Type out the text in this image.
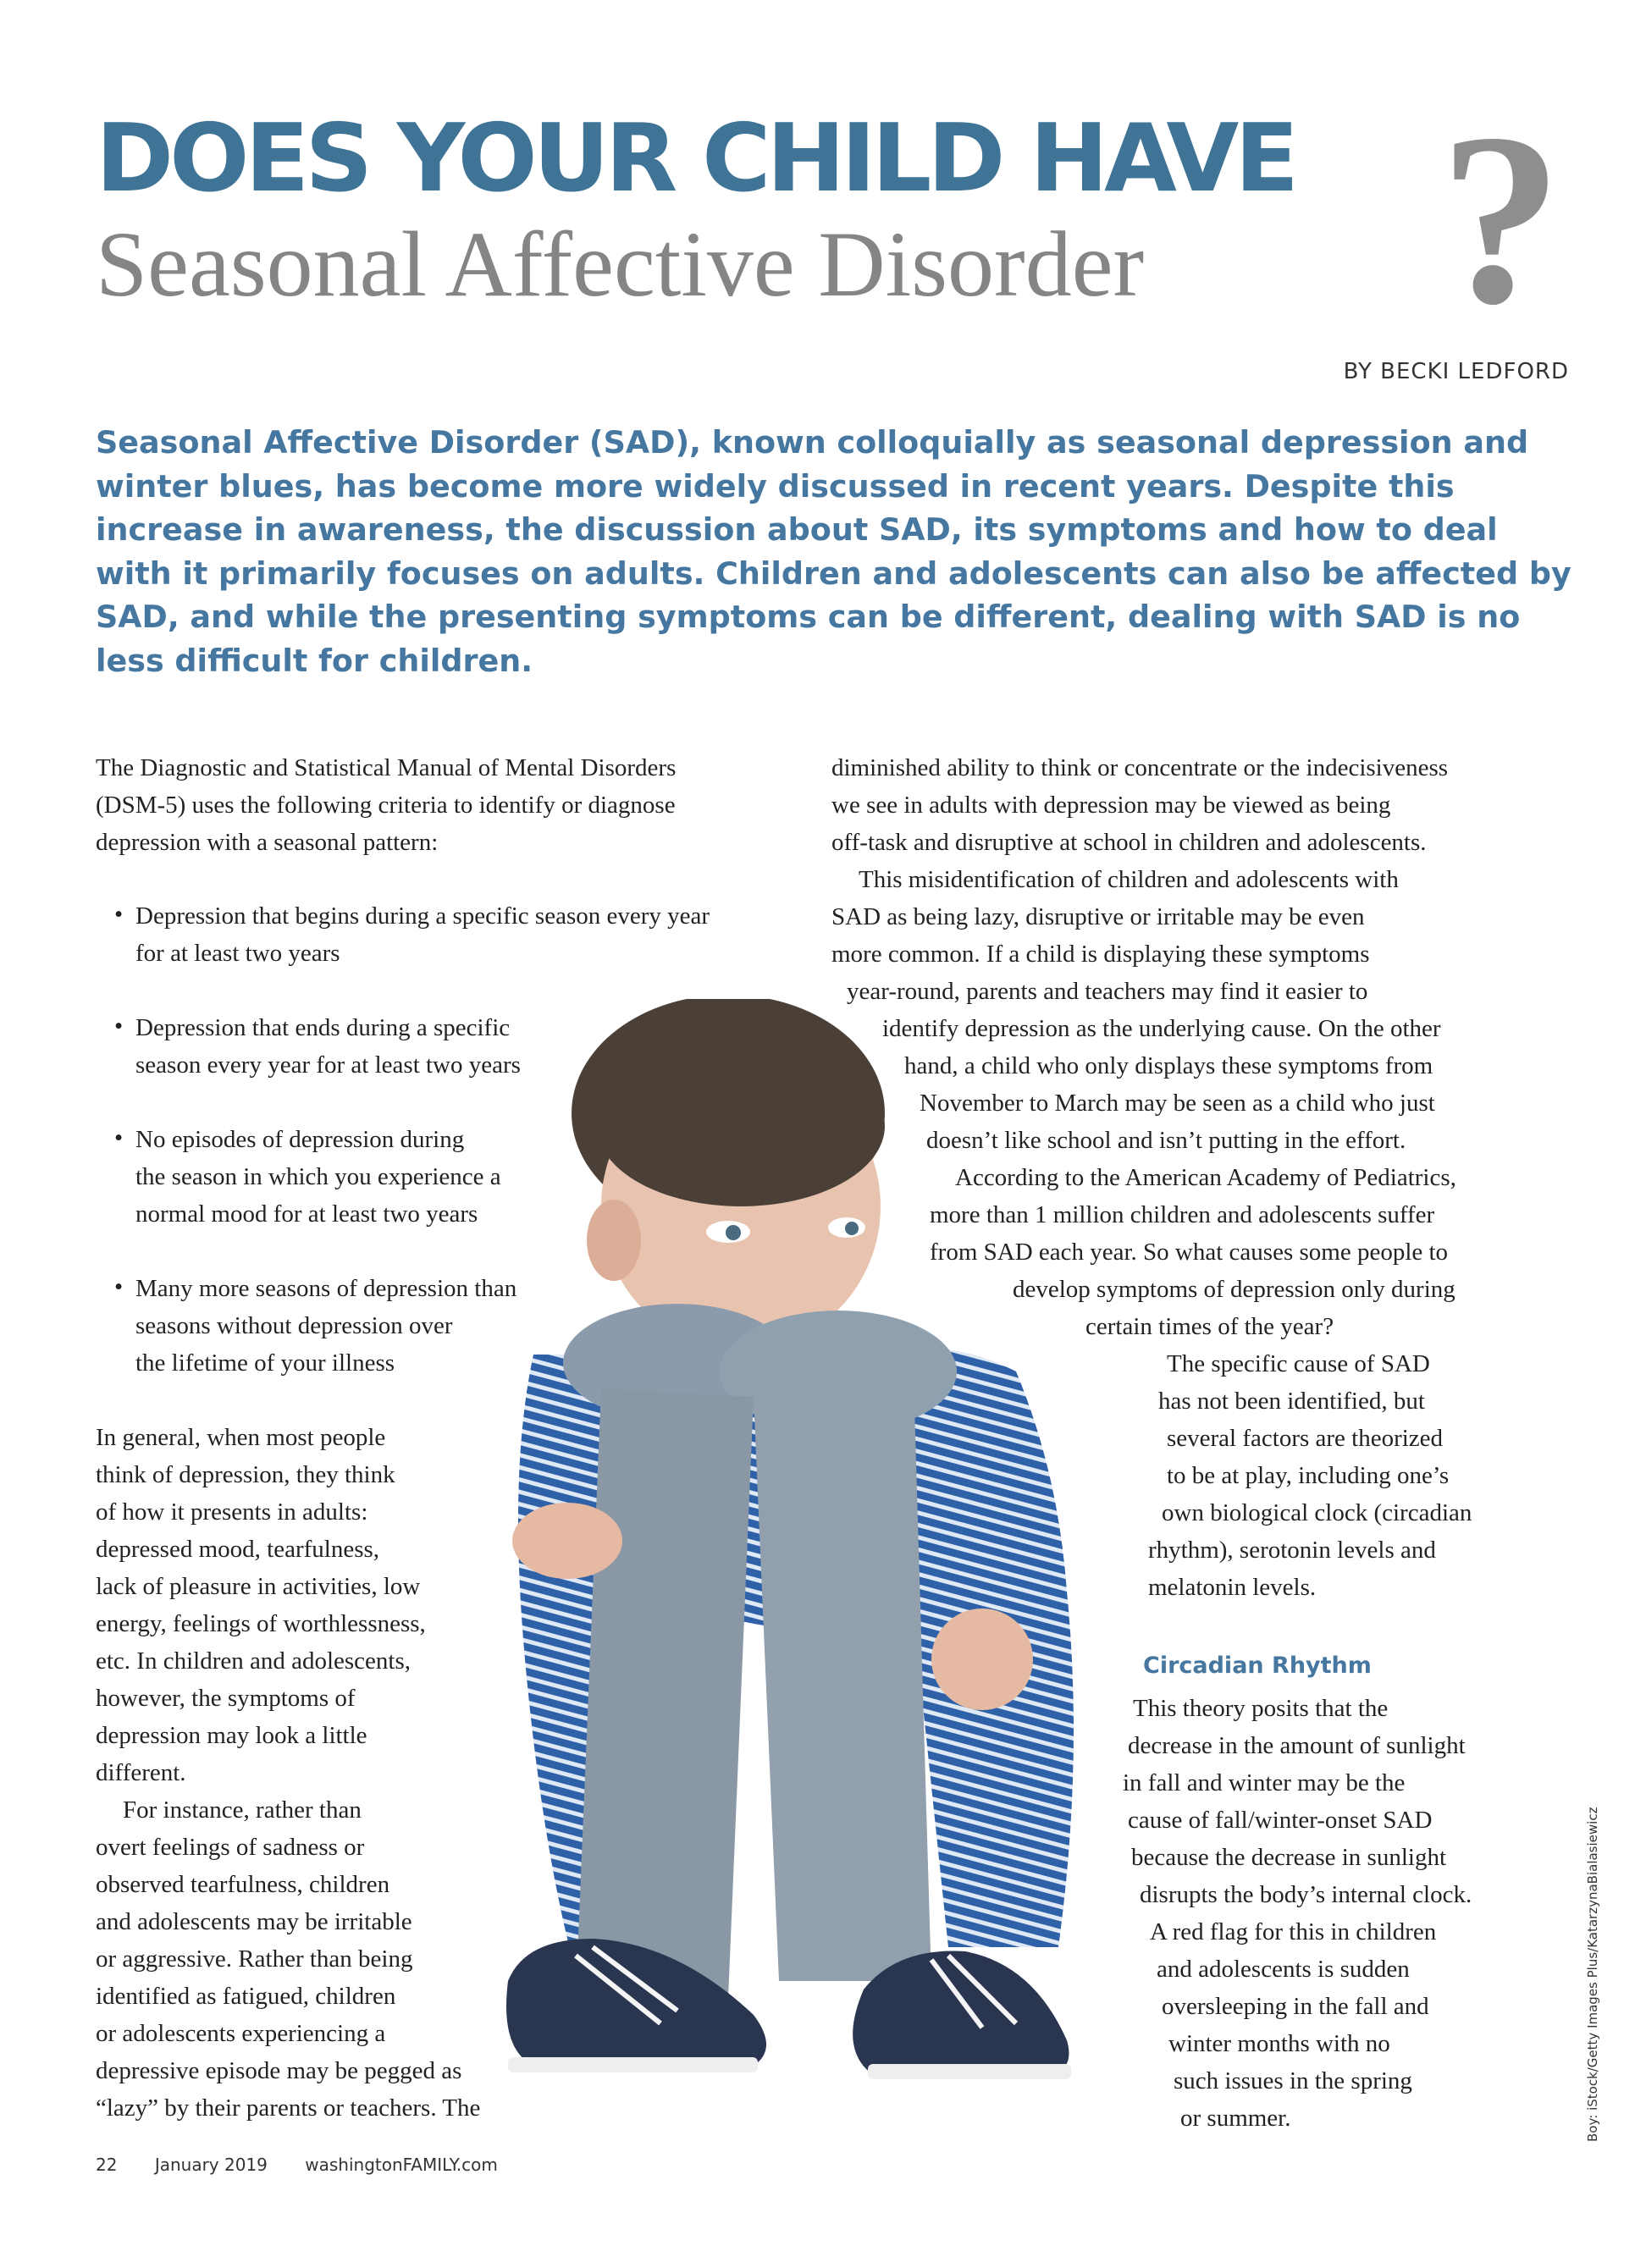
DOES YOUR CHILD HAVE
Seasonal Affective Disorder ?
BY BECKI LEDFORD
Seasonal Affective Disorder (SAD), known colloquially as seasonal depression and winter blues, has become more widely discussed in recent years. Despite this increase in awareness, the discussion about SAD, its symptoms and how to deal with it primarily focuses on adults. Children and adolescents can also be affected by SAD, and while the presenting symptoms can be different, dealing with SAD is no less difficult for children.
The Diagnostic and Statistical Manual of Mental Disorders
(DSM-5) uses the following criteria to identify or diagnose
depression with a seasonal pattern:
• Depression that begins during a specific season every year
for at least two years
• Depression that ends during a specific
season every year for at least two years
• No episodes of depression during
the season in which you experience a
normal mood for at least two years
• Many more seasons of depression than
seasons without depression over
the lifetime of your illness
In general, when most people
think of depression, they think
of how it presents in adults:
depressed mood, tearfulness,
lack of pleasure in activities, low
energy, feelings of worthlessness,
etc. In children and adolescents,
however, the symptoms of
depression may look a little
different.
For instance, rather than
overt feelings of sadness or
observed tearfulness, children
and adolescents may be irritable
or aggressive. Rather than being
identified as fatigued, children
or adolescents experiencing a
depressive episode may be pegged as
“lazy” by their parents or teachers. The
diminished ability to think or concentrate or the indecisiveness
we see in adults with depression may be viewed as being
off-task and disruptive at school in children and adolescents.
This misidentification of children and adolescents with
SAD as being lazy, disruptive or irritable may be even
more common. If a child is displaying these symptoms
year-round, parents and teachers may find it easier to
identify depression as the underlying cause. On the other
hand, a child who only displays these symptoms from
November to March may be seen as a child who just
doesn’t like school and isn’t putting in the effort.
According to the American Academy of Pediatrics,
more than 1 million children and adolescents suffer
from SAD each year. So what causes some people to
develop symptoms of depression only during
certain times of the year?
The specific cause of SAD
has not been identified, but
several factors are theorized
to be at play, including one’s
own biological clock (circadian
rhythm), serotonin levels and
melatonin levels.
This theory posits that the
decrease in the amount of sunlight
in fall and winter may be the
cause of fall/winter-onset SAD
because the decrease in sunlight
disrupts the body’s internal clock.
A red flag for this in children
and adolescents is sudden
oversleeping in the fall and
winter months with no
such issues in the spring
or summer.
Circadian Rhythm
22 January 2019 washingtonFAMILY.com
Boy: iStock/Getty Images Plus/KatarzynaBialasiewicz
